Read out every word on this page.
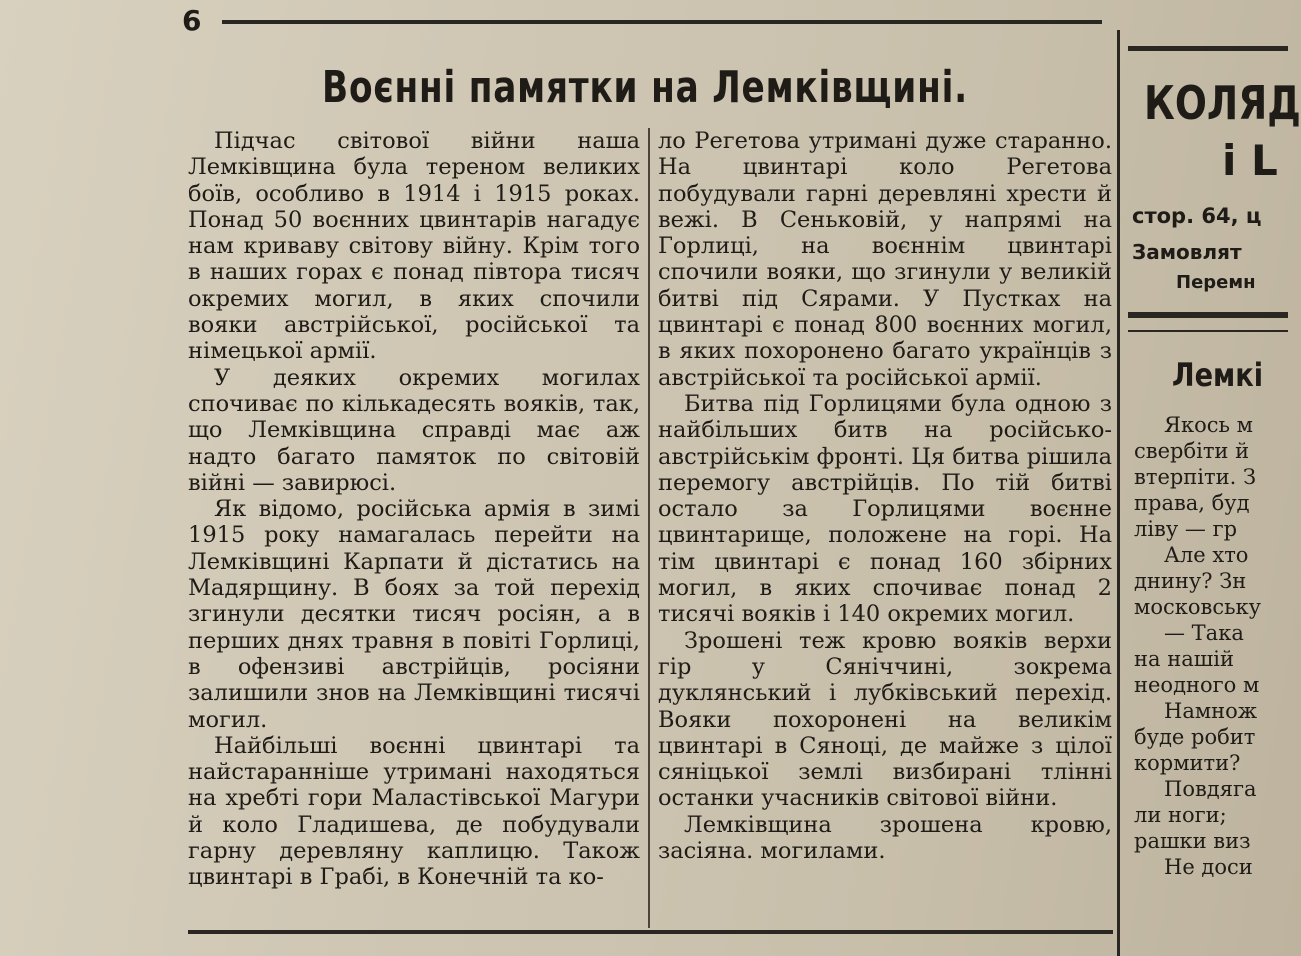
6
Воєнні памятки на Лемківщині.

Підчас світової війни наша Лемківщина була тереном великих боїв, особливо в 1914 і 1915 роках. Понад 50 воєнних цвинтарів нагадує нам криваву світову війну. Крім того в наших горах є понад півтора тисяч окремих могил, в яких спочили вояки австрійської, російської та німецької армії.

У деяких окремих могилах спочиває по кількадесять вояків, так, що Лемківщина справді має аж надто багато памяток по світовій війні — завирюсі.

Як відомо, російська армія в зимі 1915 року намагалась перейти на Лемківщині Карпати й дістатись на Мадярщину. В боях за той перехід згинули десятки тисяч росіян, а в перших днях травня в повіті Горлиці, в офензиві австрійців, росіяни залишили знов на Лемківщині тисячі могил.

Найбільші воєнні цвинтарі та найстаранніше утримані находяться на хребті гори Маластівської Магури й коло Гладишева, де побудували гарну деревляну каплицю. Також цвинтарі в Грабі, в Конечній та ко-

ло Регетова утримані дуже старанно. На цвинтарі коло Регетова побудували гарні деревляні хрести й вежі. В Сеньковій, у напрямі на Горлиці, на воєннім цвинтарі спочили вояки, що згинули у великій битві під Сярами. У Пустках на цвинтарі є понад 800 воєнних могил, в яких похоронено багато українців з австрійської та російської армії.

Битва під Горлицями була одною з найбільших битв на російсько-австрійськім фронті. Ця битва рішила перемогу австрійців. По тій битві остало за Горлицями воєнне цвинтарище, положене на горі. На тім цвинтарі є понад 160 збірних могил, в яких спочиває понад 2 тисячі вояків і 140 окремих могил.

Зрошені теж кровю вояків верхи гір у Сяніччині, зокрема дуклянський і лубківський перехід. Вояки похоронені на великім цвинтарі в Сяноці, де майже з цілої сяніцької землі визбирані тлінні останки учасників світової війни.

Лемківщина зрошена кровю, засіяна. могилами.

КОЛЯД
і L
стор. 64, ц
Замовлят
Перемн
Лемкі
Якось м
свербіти й
втерпіти. З
права, буд
ліву — гр
Але хто
днину? Зн
московську
— Така
на нашій
неодного м
Намнож
буде робит
кормити?
Повдяга
ли ноги;
рашки виз
Не доси
